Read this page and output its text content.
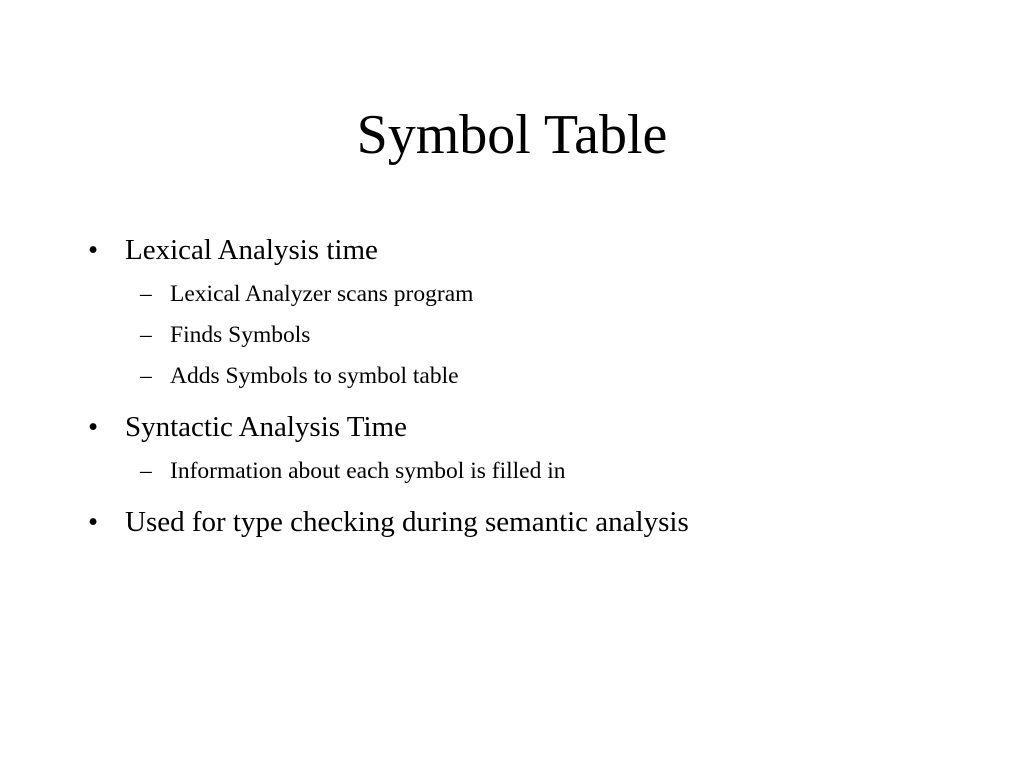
Symbol Table
• Lexical Analysis time
– Lexical Analyzer scans program
– Finds Symbols
– Adds Symbols to symbol table
• Syntactic Analysis Time
– Information about each symbol is filled in
• Used for type checking during semantic analysis
